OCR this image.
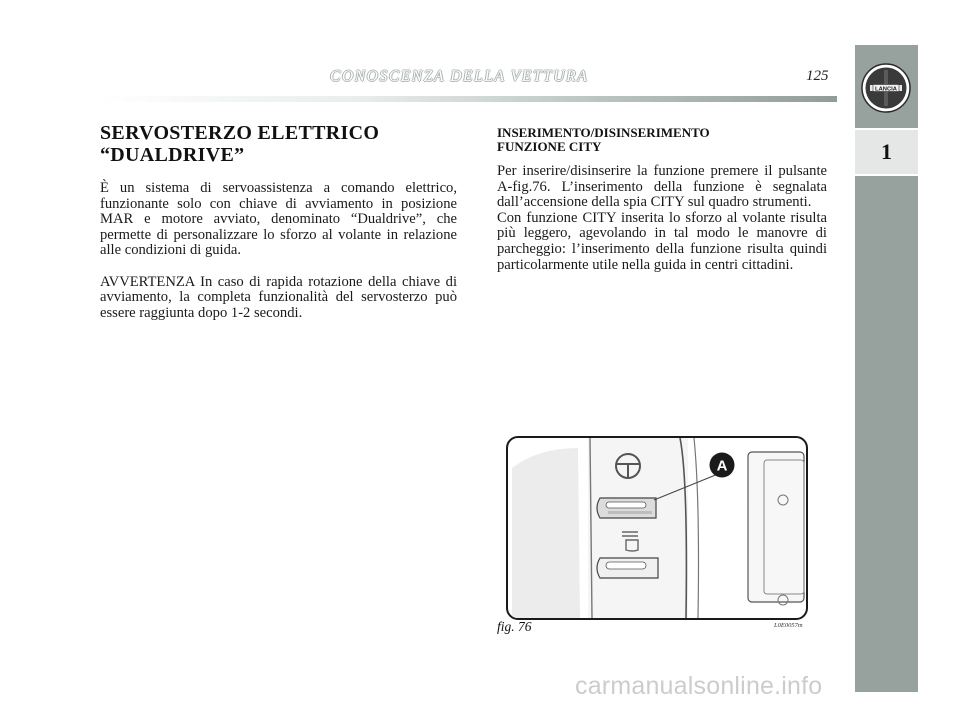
LANCIA
1
CONOSCENZA DELLA VETTURA	125
SERVOSTERZO ELETTRICO
“DUALDRIVE”

È un sistema di servoassistenza a comando elettrico, funzionante solo con chiave di avviamento in posizione MAR e motore avviato, denominato “Dualdrive”, che permette di personalizzare lo sforzo al volante in relazione alle condizioni di guida.

AVVERTENZA In caso di rapida rotazione della chiave di avviamento, la completa funzionalità del servosterzo può essere raggiunta dopo 1-2 secondi.

INSERIMENTO/DISINSERIMENTO
FUNZIONE CITY

Per inserire/disinserire la funzione premere il pulsante A-fig.76. L’inserimento della funzione è segnalata dall’accensione della spia CITY sul quadro strumenti.

Con funzione CITY inserita lo sforzo al volante risulta più leggero, agevolando in tal modo le manovre di parcheggio: l’inserimento della funzione risulta quindi particolarmente utile nella guida in centri cittadini.

A
fig. 76	L0E0057m
carmanualsonline.info
